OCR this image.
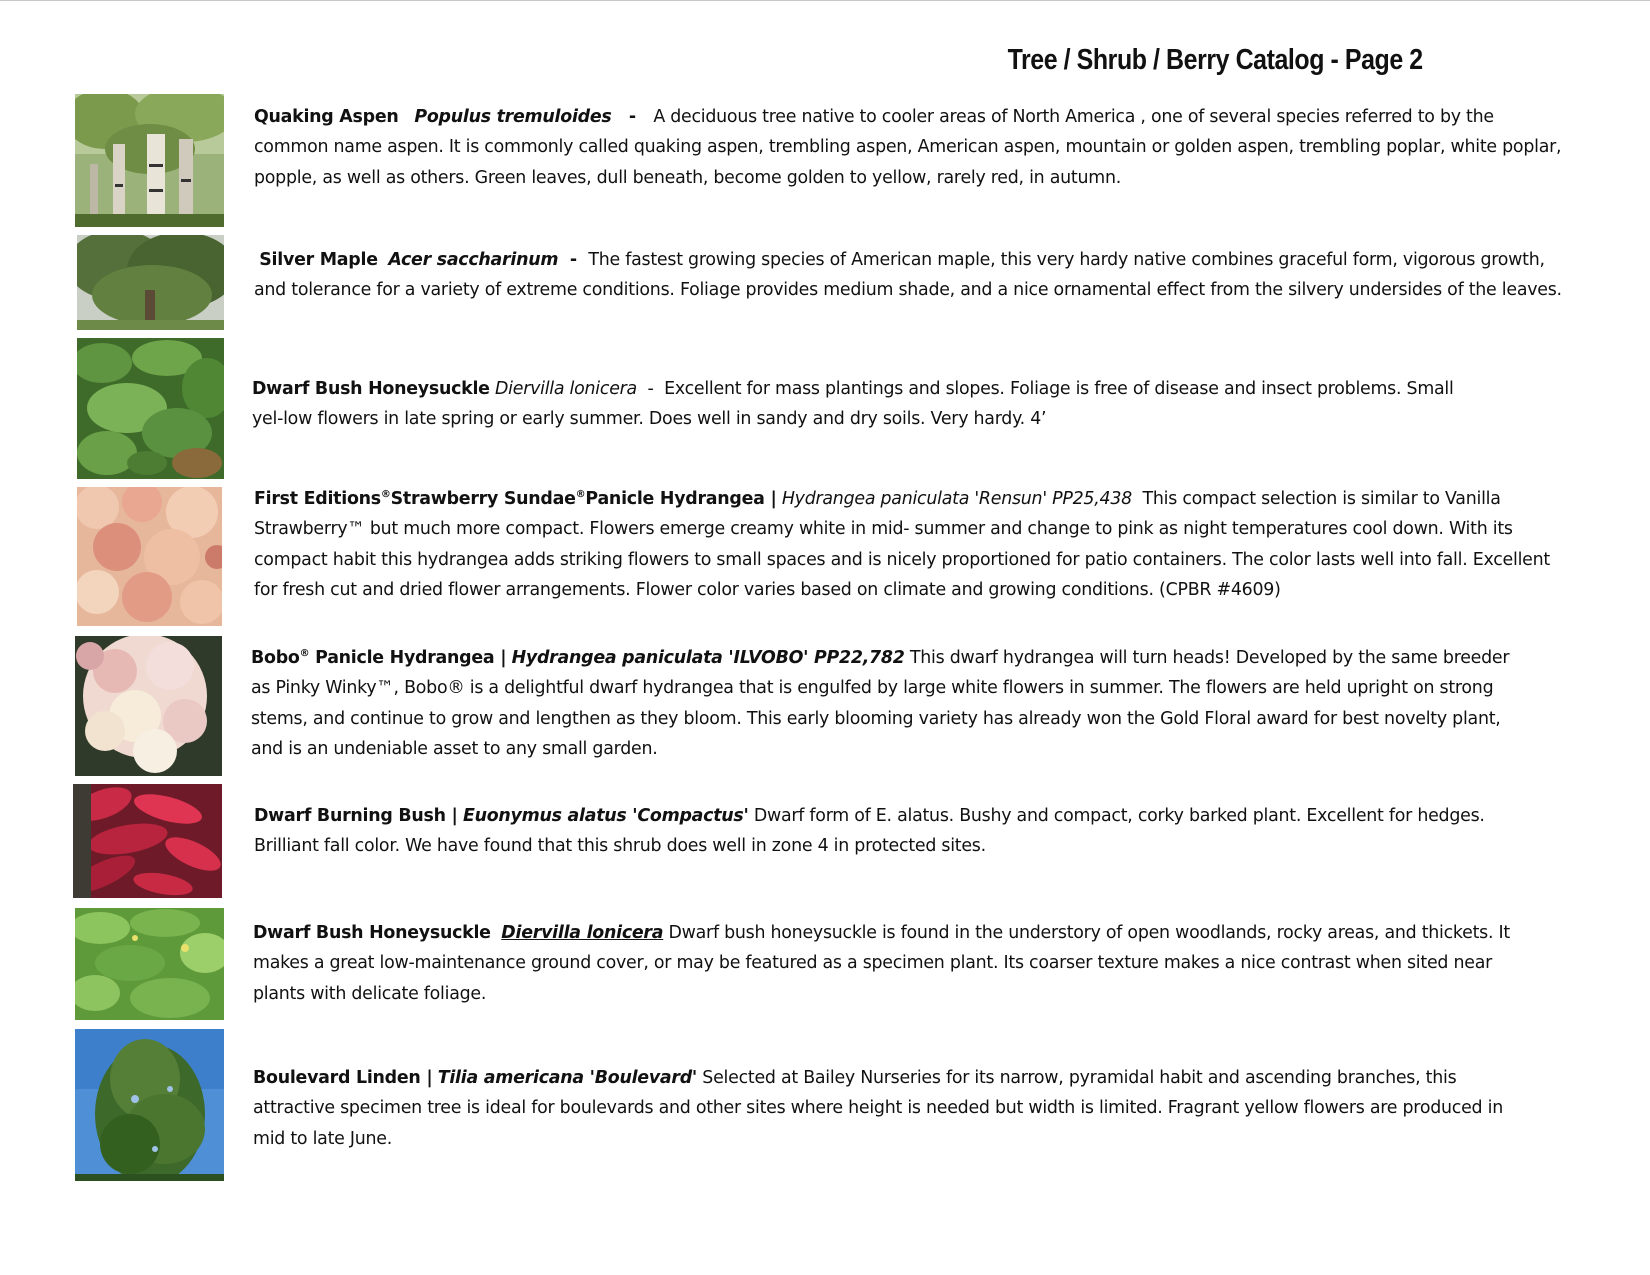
Tree / Shrub / Berry Catalog - Page 2
Quaking Aspen Populus tremuloides   -   A deciduous tree native to cooler areas of North America , one of several species referred to by the common name aspen. It is commonly called quaking aspen, trembling aspen, American aspen, mountain or golden aspen, trembling poplar, white poplar, popple, as well as others. Green leaves, dull beneath, become golden to yellow, rarely red, in autumn.
Silver Maple Acer saccharinum  -  The fastest growing species of American maple, this very hardy native combines graceful form, vigorous growth, and tolerance for a variety of extreme conditions. Foliage provides medium shade, and a nice ornamental effect from the silvery undersides of the leaves.
Dwarf Bush Honeysuckle Diervilla lonicera  -  Excellent for mass plantings and slopes. Foliage is free of disease and insect problems. Small yel-low flowers in late spring or early summer. Does well in sandy and dry soils. Very hardy. 4’
First Editions®Strawberry Sundae®Panicle Hydrangea | Hydrangea paniculata 'Rensun' PP25,438 This compact selection is similar to Vanilla Strawberry™ but much more compact. Flowers emerge creamy white in mid- summer and change to pink as night temperatures cool down. With its compact habit this hydrangea adds striking flowers to small spaces and is nicely proportioned for patio containers. The color lasts well into fall. Excellent for fresh cut and dried flower arrangements. Flower color varies based on climate and growing conditions. (CPBR #4609)
Bobo® Panicle Hydrangea | Hydrangea paniculata 'ILVOBO' PP22,782 This dwarf hydrangea will turn heads! Developed by the same breeder as Pinky Winky™, Bobo® is a delightful dwarf hydrangea that is engulfed by large white flowers in summer. The flowers are held upright on strong stems, and continue to grow and lengthen as they bloom. This early blooming variety has already won the Gold Floral award for best novelty plant, and is an undeniable asset to any small garden.
Dwarf Burning Bush | Euonymus alatus 'Compactus' Dwarf form of E. alatus. Bushy and compact, corky barked plant. Excellent for hedges. Brilliant fall color. We have found that this shrub does well in zone 4 in protected sites.
Dwarf Bush Honeysuckle Diervilla lonicera Dwarf bush honeysuckle is found in the understory of open woodlands, rocky areas, and thickets. It makes a great low-maintenance ground cover, or may be featured as a specimen plant. Its coarser texture makes a nice contrast when sited near plants with delicate foliage.
Boulevard Linden | Tilia americana 'Boulevard' Selected at Bailey Nurseries for its narrow, pyramidal habit and ascending branches, this attractive specimen tree is ideal for boulevards and other sites where height is needed but width is limited. Fragrant yellow flowers are produced in mid to late June.
